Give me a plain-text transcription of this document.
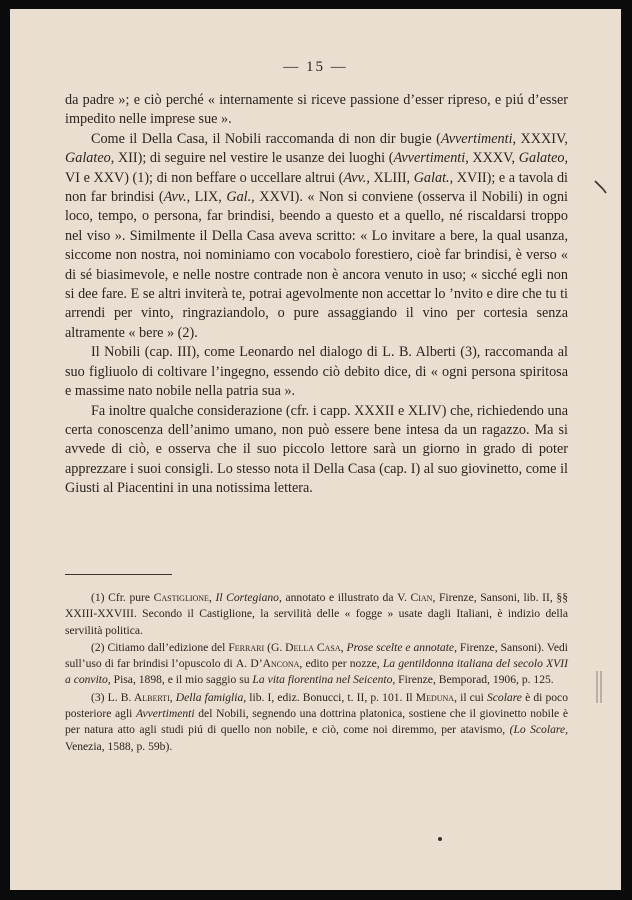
— 15 —

da padre »; e ciò perché « internamente si riceve passione d’esser ripreso, e piú d’esser impedito nelle imprese sue ».

Come il Della Casa, il Nobili raccomanda di non dir bugie (Avvertimenti, XXXIV, Galateo, XII); di seguire nel vestire le usanze dei luoghi (Avvertimenti, XXXV, Galateo, VI e XXV) (1); di non beffare o uccellare altrui (Avv., XLIII, Galat., XVII); e a tavola di non far brindisi (Avv., LIX, Gal., XXVI). « Non si conviene (osserva il Nobili) in ogni loco, tempo, o persona, far brindisi, beendo a questo et a quello, né riscaldarsi troppo nel viso ». Similmente il Della Casa aveva scritto: « Lo invitare a bere, la qual usanza, siccome non nostra, noi nominiamo con vocabolo forestiero, cioè far brindisi, è verso « di sé biasimevole, e nelle nostre contrade non è ancora venuto in uso; « sicché egli non si dee fare. E se altri inviterà te, potrai agevolmente non accettar lo ’nvito e dire che tu ti arrendi per vinto, ringraziandolo, o pure assaggiando il vino per cortesia senza altramente « bere » (2).

Il Nobili (cap. III), come Leonardo nel dialogo di L. B. Alberti (3), raccomanda al suo figliuolo di coltivare l’ingegno, essendo ciò debito dice, di « ogni persona spiritosa e massime nato nobile nella patria sua ».

Fa inoltre qualche considerazione (cfr. i capp. XXXII e XLIV) che, richiedendo una certa conoscenza dell’animo umano, non può essere bene intesa da un ragazzo. Ma si avvede di ciò, e osserva che il suo piccolo lettore sarà un giorno in grado di poter apprezzare i suoi consigli. Lo stesso nota il Della Casa (cap. I) al suo giovinetto, come il Giusti al Piacentini in una notissima lettera.

(1) Cfr. pure Castiglione, Il Cortegiano, annotato e illustrato da V. Cian, Firenze, Sansoni, lib. II, §§ XXIII-XXVIII. Secondo il Castiglione, la servilità delle « fogge » usate dagli Italiani, è indizio della servilità politica.

(2) Citiamo dall’edizione del Ferrari (G. Della Casa, Prose scelte e annotate, Firenze, Sansoni). Vedi sull’uso di far brindisi l’opuscolo di A. D’Ancona, edito per nozze, La gentildonna italiana del secolo XVII a convito, Pisa, 1898, e il mio saggio su La vita fiorentina nel Seicento, Firenze, Bemporad, 1906, p. 125.

(3) L. B. Alberti, Della famiglia, lib. I, ediz. Bonucci, t. II, p. 101. Il Meduna, il cui Scolare è di poco posteriore agli Avvertimenti del Nobili, segnendo una dottrina platonica, sostiene che il giovinetto nobile è per natura atto agli studi piú di quello non nobile, e ciò, come noi diremmo, per atavismo, (Lo Scolare, Venezia, 1588, p. 59b).
